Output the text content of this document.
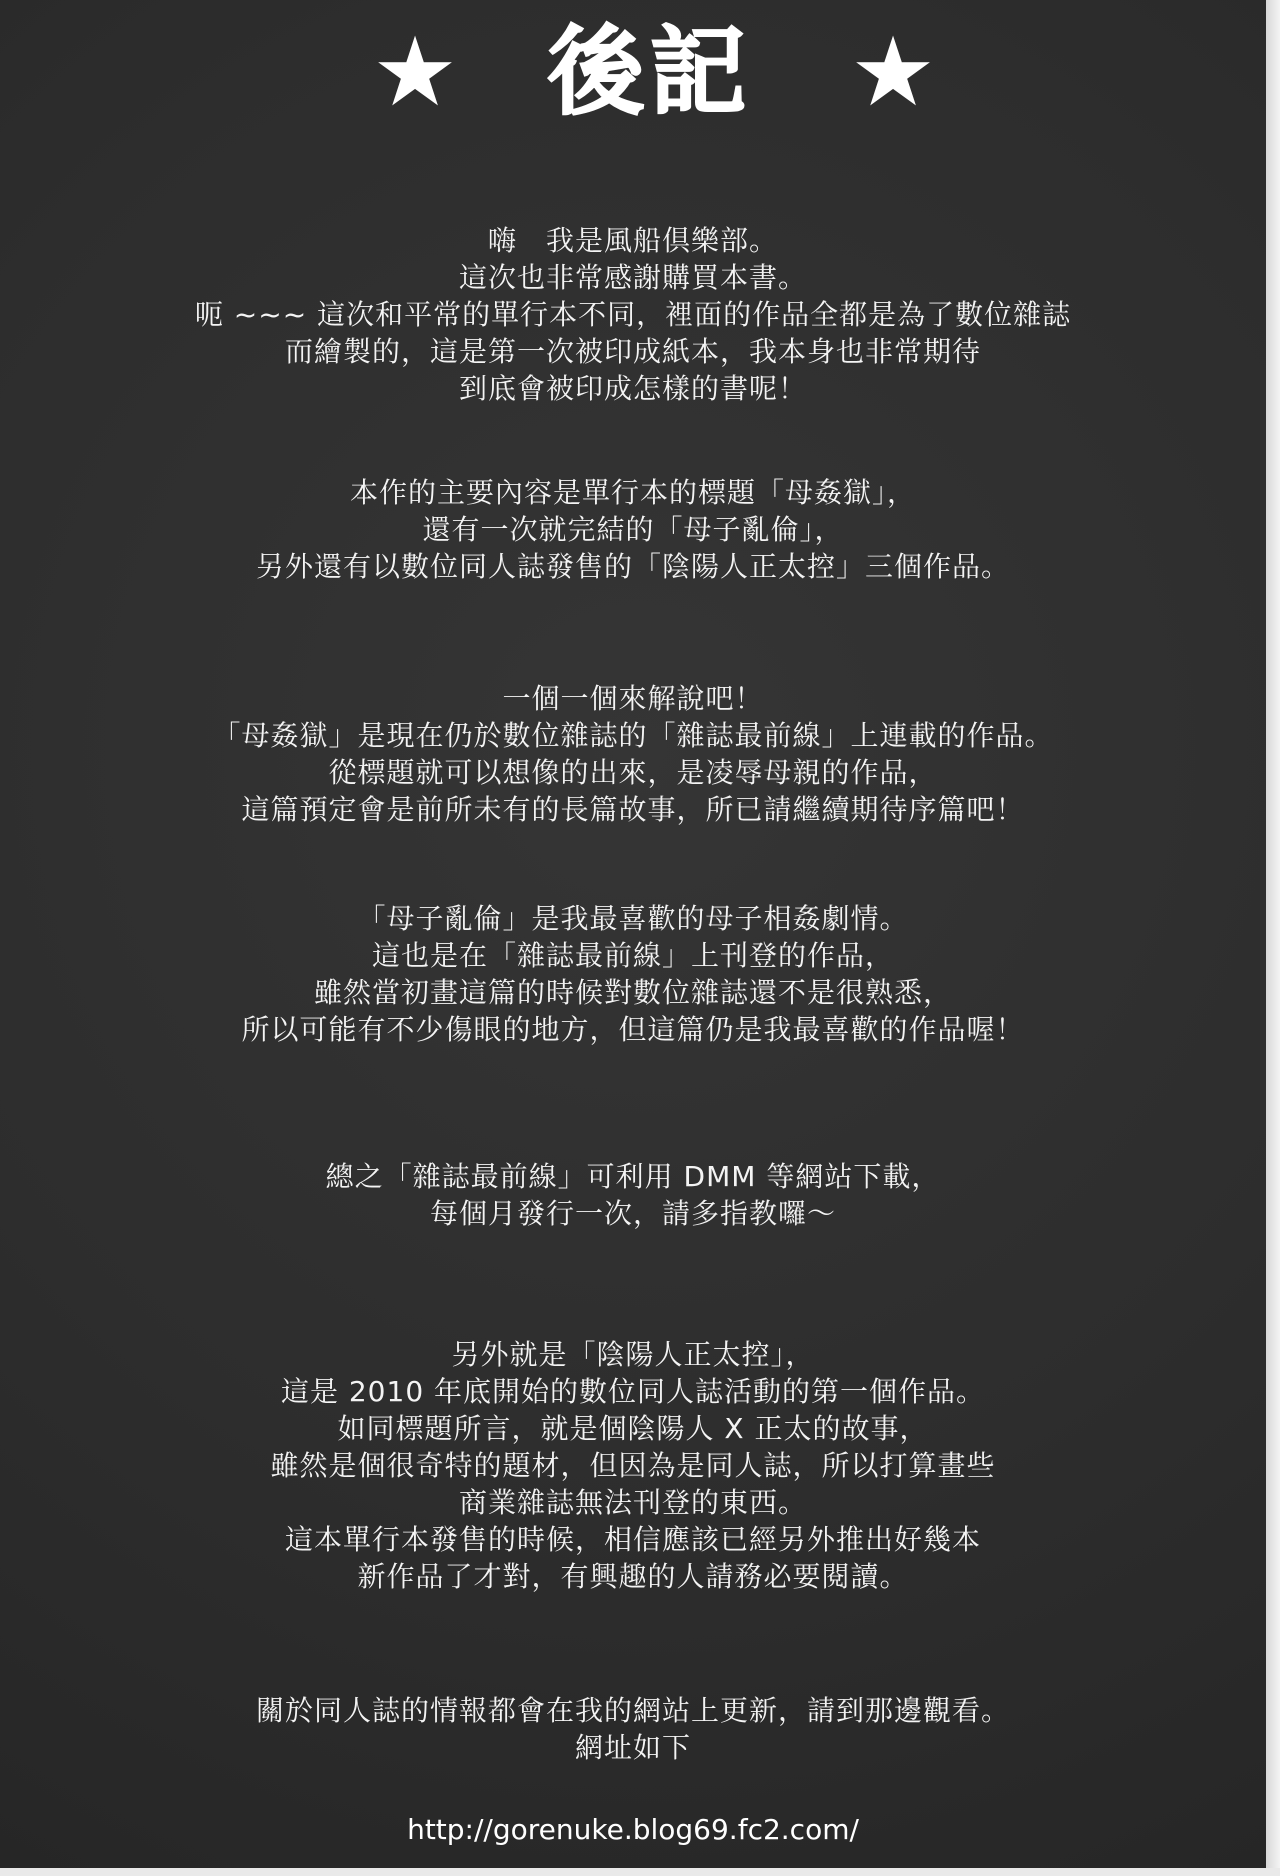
★ 後記 ★
嗨　我是風船倶樂部。
這次也非常感謝購買本書。
呃 ~~~ 這次和平常的單行本不同，裡面的作品全都是為了數位雜誌
而繪製的，這是第一次被印成紙本，我本身也非常期待
到底會被印成怎樣的書呢！
本作的主要內容是單行本的標題「母姦獄」，
還有一次就完結的「母子亂倫」，
另外還有以數位同人誌發售的「陰陽人正太控」三個作品。
一個一個來解說吧！
「母姦獄」是現在仍於數位雜誌的「雜誌最前線」上連載的作品。
從標題就可以想像的出來，是凌辱母親的作品，
這篇預定會是前所未有的長篇故事，所已請繼續期待序篇吧！
「母子亂倫」是我最喜歡的母子相姦劇情。
這也是在「雜誌最前線」上刊登的作品，
雖然當初畫這篇的時候對數位雜誌還不是很熟悉，
所以可能有不少傷眼的地方，但這篇仍是我最喜歡的作品喔！
總之「雜誌最前線」可利用 DMM 等網站下載，
每個月發行一次，請多指教囉～
另外就是「陰陽人正太控」，
這是 2010 年底開始的數位同人誌活動的第一個作品。
如同標題所言，就是個陰陽人 X 正太的故事，
雖然是個很奇特的題材，但因為是同人誌，所以打算畫些
商業雜誌無法刊登的東西。
這本單行本發售的時候，相信應該已經另外推出好幾本
新作品了才對，有興趣的人請務必要閱讀。
關於同人誌的情報都會在我的網站上更新，請到那邊觀看。
網址如下
http://gorenuke.blog69.fc2.com/
